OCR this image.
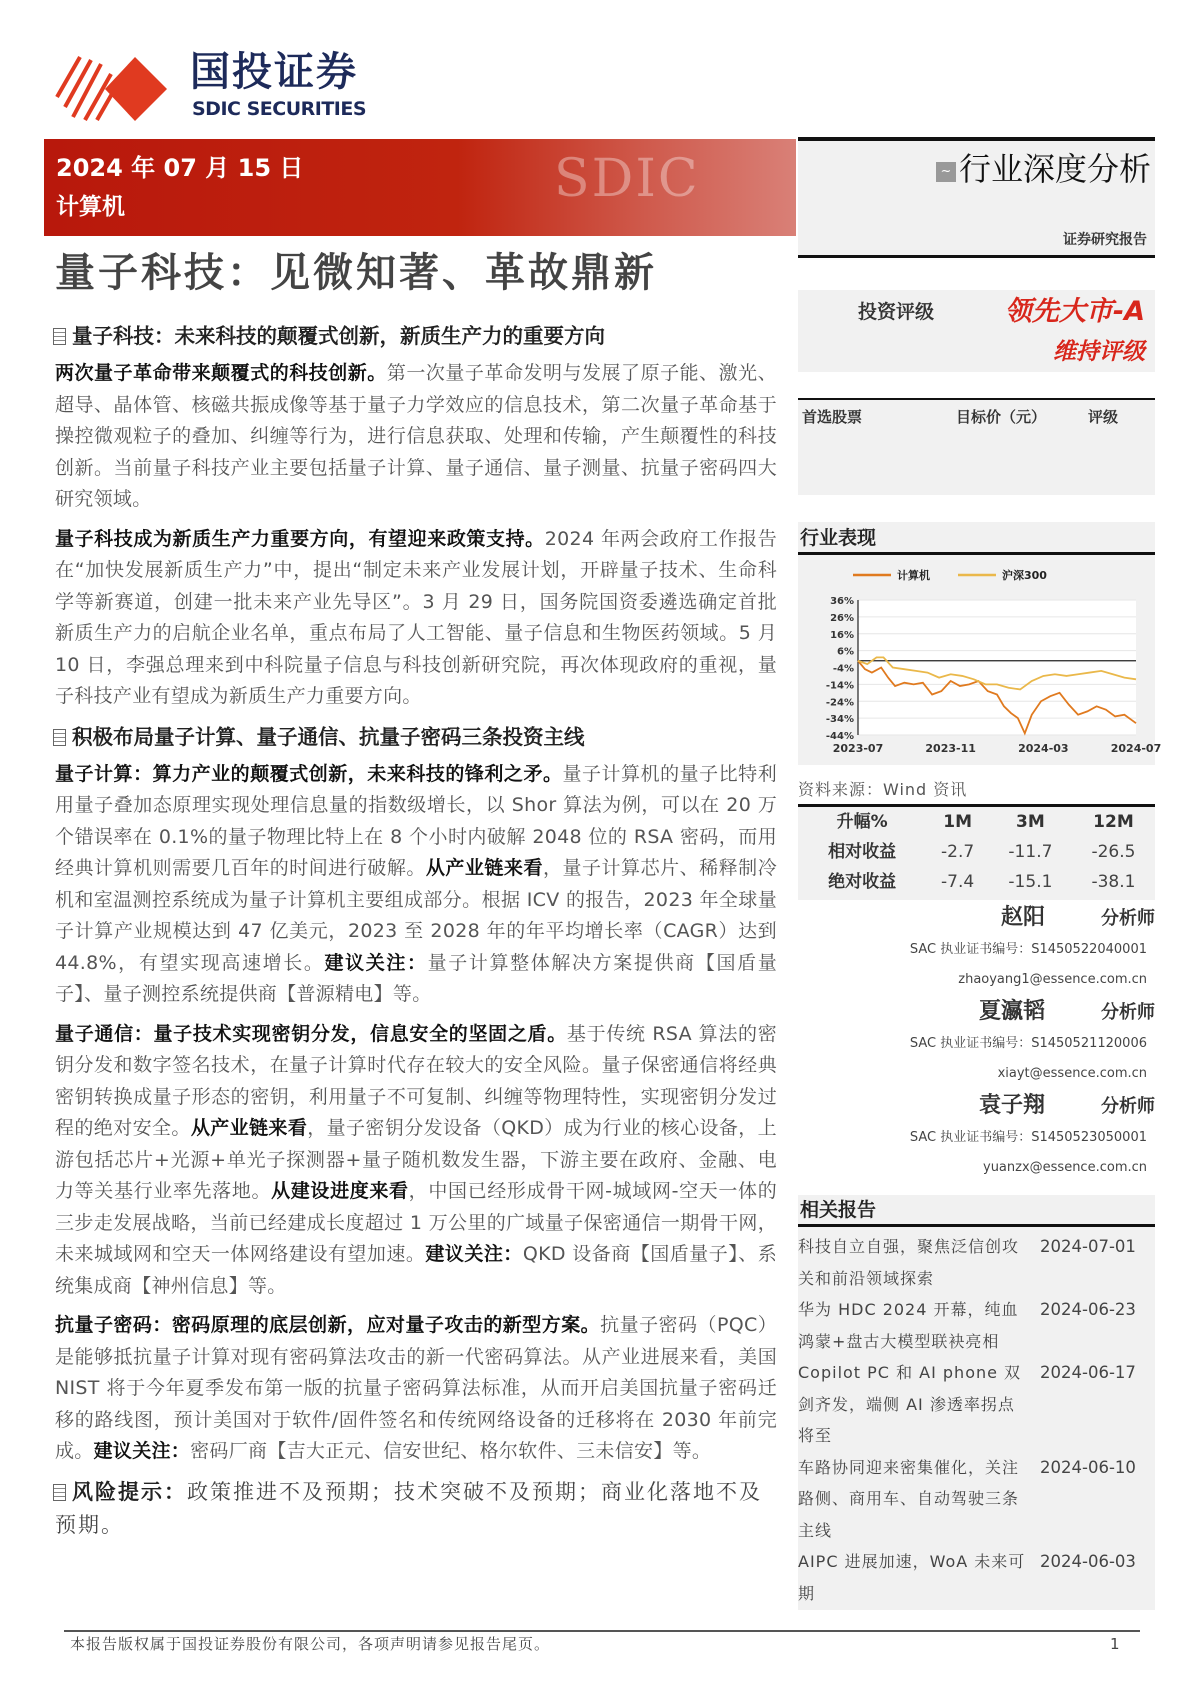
国投证券
SDIC SECURITIES
SDIC
2024 年 07 月 15 日
计算机
~ 行业深度分析
证券研究报告
量子科技：见微知著、革故鼎新
量子科技：未来科技的颠覆式创新，新质生产力的重要方向
两次量子革命带来颠覆式的科技创新。第一次量子革命发明与发展了原子能、激光、超导、晶体管、核磁共振成像等基于量子力学效应的信息技术，第二次量子革命基于操控微观粒子的叠加、纠缠等行为，进行信息获取、处理和传输，产生颠覆性的科技创新。当前量子科技产业主要包括量子计算、量子通信、量子测量、抗量子密码四大研究领域。
量子科技成为新质生产力重要方向，有望迎来政策支持。2024 年两会政府工作报告在“加快发展新质生产力”中，提出“制定未来产业发展计划，开辟量子技术、生命科学等新赛道，创建一批未来产业先导区”。3 月 29 日，国务院国资委遴选确定首批新质生产力的启航企业名单，重点布局了人工智能、量子信息和生物医药领域。5 月 10 日，李强总理来到中科院量子信息与科技创新研究院，再次体现政府的重视，量子科技产业有望成为新质生产力重要方向。
积极布局量子计算、量子通信、抗量子密码三条投资主线
量子计算：算力产业的颠覆式创新，未来科技的锋利之矛。量子计算机的量子比特利用量子叠加态原理实现处理信息量的指数级增长，以 Shor 算法为例，可以在 20 万个错误率在 0.1%的量子物理比特上在 8 个小时内破解 2048 位的 RSA 密码，而用经典计算机则需要几百年的时间进行破解。从产业链来看，量子计算芯片、稀释制冷机和室温测控系统成为量子计算机主要组成部分。根据 ICV 的报告，2023 年全球量子计算产业规模达到 47 亿美元，2023 至 2028 年的年平均增长率（CAGR）达到 44.8%，有望实现高速增长。建议关注：量子计算整体解决方案提供商【国盾量子】、量子测控系统提供商【普源精电】等。
量子通信：量子技术实现密钥分发，信息安全的坚固之盾。基于传统 RSA 算法的密钥分发和数字签名技术，在量子计算时代存在较大的安全风险。量子保密通信将经典密钥转换成量子形态的密钥，利用量子不可复制、纠缠等物理特性，实现密钥分发过程的绝对安全。从产业链来看，量子密钥分发设备（QKD）成为行业的核心设备，上游包括芯片+光源+单光子探测器+量子随机数发生器，下游主要在政府、金融、电力等关基行业率先落地。从建设进度来看，中国已经形成骨干网-城域网-空天一体的三步走发展战略，当前已经建成长度超过 1 万公里的广域量子保密通信一期骨干网，未来城域网和空天一体网络建设有望加速。建议关注：QKD 设备商【国盾量子】、系统集成商【神州信息】等。
抗量子密码：密码原理的底层创新，应对量子攻击的新型方案。抗量子密码（PQC）是能够抵抗量子计算对现有密码算法攻击的新一代密码算法。从产业进展来看，美国 NIST 将于今年夏季发布第一版的抗量子密码算法标准，从而开启美国抗量子密码迁移的路线图，预计美国对于软件/固件签名和传统网络设备的迁移将在 2030 年前完成。建议关注：密码厂商【吉大正元、信安世纪、格尔软件、三未信安】等。
风险提示：政策推进不及预期；技术突破不及预期；商业化落地不及预期。
投资评级	领先大市-A
维持评级
首选股票	目标价（元）	评级
行业表现
36%
26%
16%
6%
-4%
-14%
-24%
-34%
-44%
2023-07	2023-11	2024-03	2024-07
计算机	沪深300
资料来源：Wind 资讯
升幅%	1M	3M	12M
相对收益	-2.7	-11.7	-26.5
绝对收益	-7.4	-15.1	-38.1
赵阳	分析师
SAC 执业证书编号：S1450522040001
zhaoyang1@essence.com.cn
夏瀛韬	分析师
SAC 执业证书编号：S1450521120006
xiayt@essence.com.cn
袁子翔	分析师
SAC 执业证书编号：S1450523050001
yuanzx@essence.com.cn
相关报告
科技自立自强，聚焦泛信创攻关和前沿领域探索
2024-07-01
华为 HDC 2024 开幕，纯血鸿蒙+盘古大模型联袂亮相
2024-06-23
Copilot PC 和 AI phone 双剑齐发，端侧 AI 渗透率拐点将至
2024-06-17
车路协同迎来密集催化，关注路侧、商用车、自动驾驶三条主线
2024-06-10
AIPC 进展加速，WoA 未来可期
2024-06-03
本报告版权属于国投证券股份有限公司，各项声明请参见报告尾页。	1
